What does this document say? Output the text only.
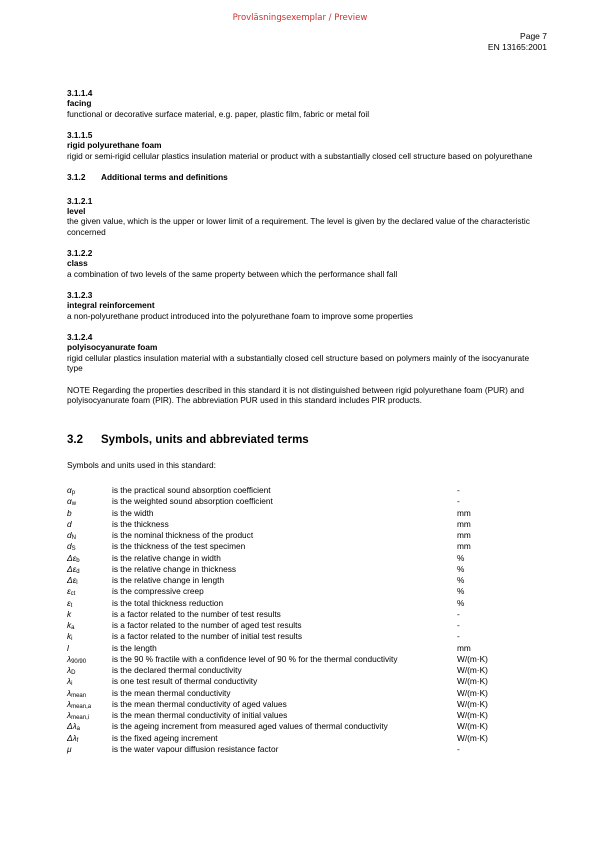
Provläsningsexemplar / Preview
Page 7
EN 13165:2001
3.1.1.4
facing
functional or decorative surface material, e.g. paper, plastic film, fabric or metal foil
3.1.1.5
rigid polyurethane foam
rigid or semi-rigid cellular plastics insulation material or product with a substantially closed cell structure based on polyurethane
3.1.2 Additional terms and definitions
3.1.2.1
level
the given value, which is the upper or lower limit of a requirement. The level is given by the declared value of the characteristic concerned
3.1.2.2
class
a combination of two levels of the same property between which the performance shall fall
3.1.2.3
integral reinforcement
a non-polyurethane product introduced into the polyurethane foam to improve some properties
3.1.2.4
polyisocyanurate foam
rigid cellular plastics insulation material with a substantially closed cell structure based on polymers mainly of the isocyanurate type
NOTE Regarding the properties described in this standard it is not distinguished between rigid polyurethane foam (PUR) and polyisocyanurate foam (PIR). The abbreviation PUR used in this standard includes PIR products.
3.2 Symbols, units and abbreviated terms
Symbols and units used in this standard:
$\alpha_p$	is the practical sound absorption coefficient	-
$\alpha_w$	is the weighted sound absorption coefficient	-
b	is the width	mm
d	is the thickness	mm
$d_N$	is the nominal thickness of the product	mm
$d_S$	is the thickness of the test specimen	mm
$\Delta\varepsilon_b$	is the relative change in width	%
$\Delta\varepsilon_d$	is the relative change in thickness	%
$\Delta\varepsilon_l$	is the relative change in length	%
$\varepsilon_{ct}$	is the compressive creep	%
$\varepsilon_t$	is the total thickness reduction	%
k	is a factor related to the number of test results	-
$k_a$	is a factor related to the number of aged test results	-
$k_i$	is a factor related to the number of initial test results	-
l	is the length	mm
$\lambda_{90/90}$	is the 90 % fractile with a confidence level of 90 % for the thermal conductivity	W/(m·K)
$\lambda_D$	is the declared thermal conductivity	W/(m·K)
$\lambda_i$	is one test result of thermal conductivity	W/(m·K)
$\lambda_{mean}$	is the mean thermal conductivity	W/(m·K)
$\lambda_{mean,a}$	is the mean thermal conductivity of aged values	W/(m·K)
$\lambda_{mean,i}$	is the mean thermal conductivity of initial values	W/(m·K)
$\Delta\lambda_a$	is the ageing increment from measured aged values of thermal conductivity	W/(m·K)
$\Delta\lambda_f$	is the fixed ageing increment	W/(m·K)
μ	is the water vapour diffusion resistance factor	-
